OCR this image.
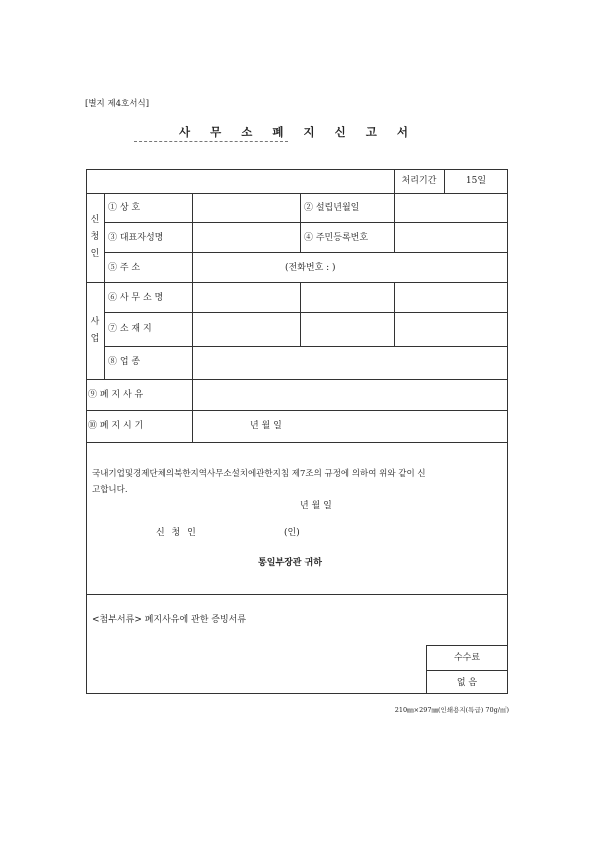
[별지 제4호서식]
사 무 소 폐 지 신 고 서
처리기간	15일
신청인
① 상 호	② 설립년월일
③ 대표자성명	④ 주민등록번호
⑤ 주 소	(전화번호 : )
사업
⑥ 사 무 소 명
⑦ 소 재 지
⑧ 업 종
⑨ 폐 지 사 유
⑩ 폐 지 시 기	년 월 일
국내기업및경제단체의북한지역사무소설치에관한지침 제7조의 규정에 의하여 위와 같이 신
고합니다.
년 월 일
신 청 인	(인)
통일부장관 귀하
<첨부서류> 폐지사유에 관한 증빙서류
수수료
없 음
210㎜×297㎜(인쇄용지(특급) 70g/㎡)
